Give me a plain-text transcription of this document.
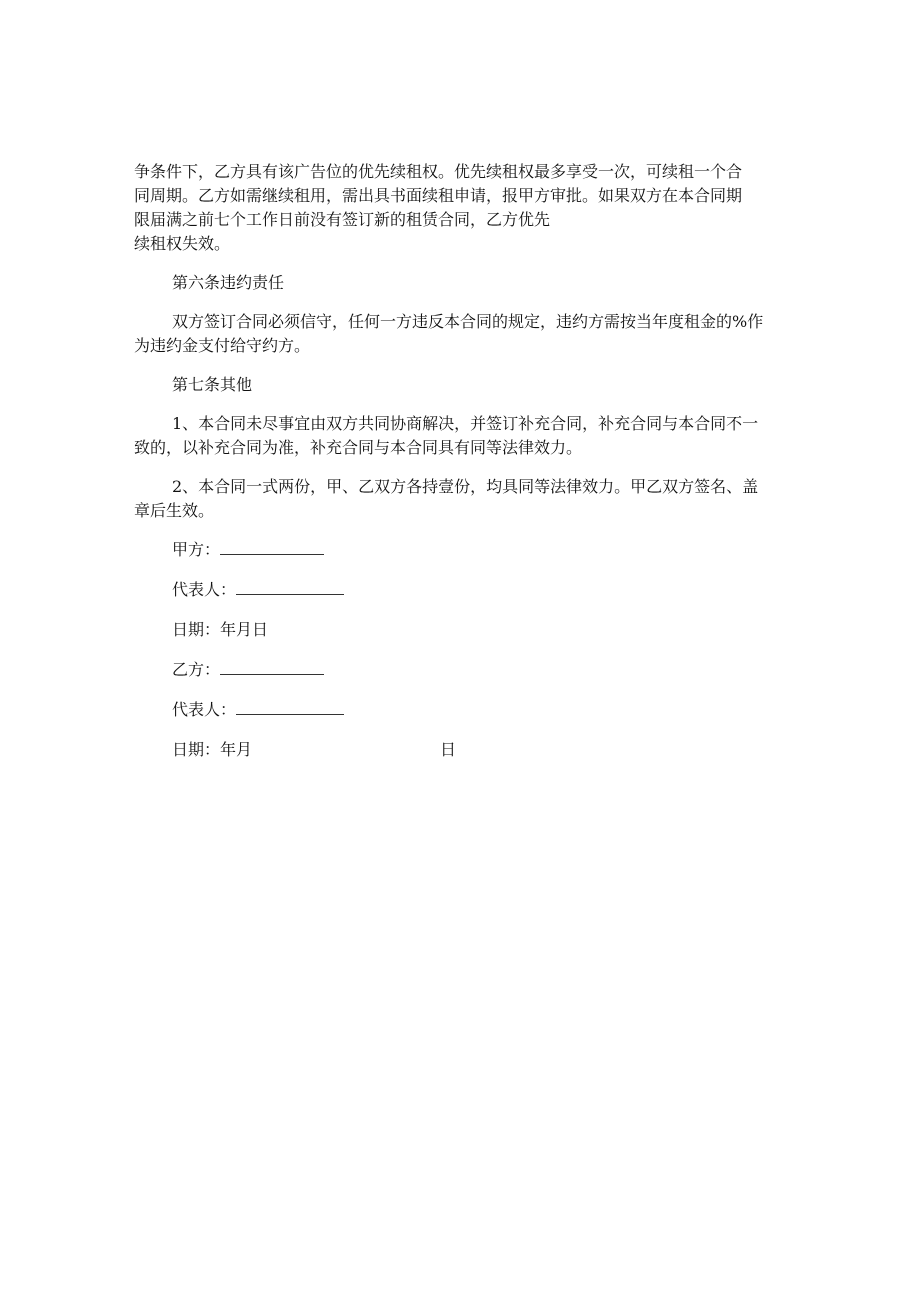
争条件下，乙方具有该广告位的优先续租权。优先续租权最多享受一次，可续租一个合
同周期。乙方如需继续租用，需出具书面续租申请，报甲方审批。如果双方在本合同期
限届满之前七个工作日前没有签订新的租赁合同，乙方优先
续租权失效。

第六条违约责任

双方签订合同必须信守，任何一方违反本合同的规定，违约方需按当年度租金的%作
为违约金支付给守约方。

第七条其他

1、本合同未尽事宜由双方共同协商解决，并签订补充合同，补充合同与本合同不一
致的，以补充合同为准，补充合同与本合同具有同等法律效力。

2、本合同一式两份，甲、乙双方各持壹份，均具同等法律效力。甲乙双方签名、盖
章后生效。

甲方：
代表人：
日期：年月日
乙方：
代表人：
日期：年月	日
